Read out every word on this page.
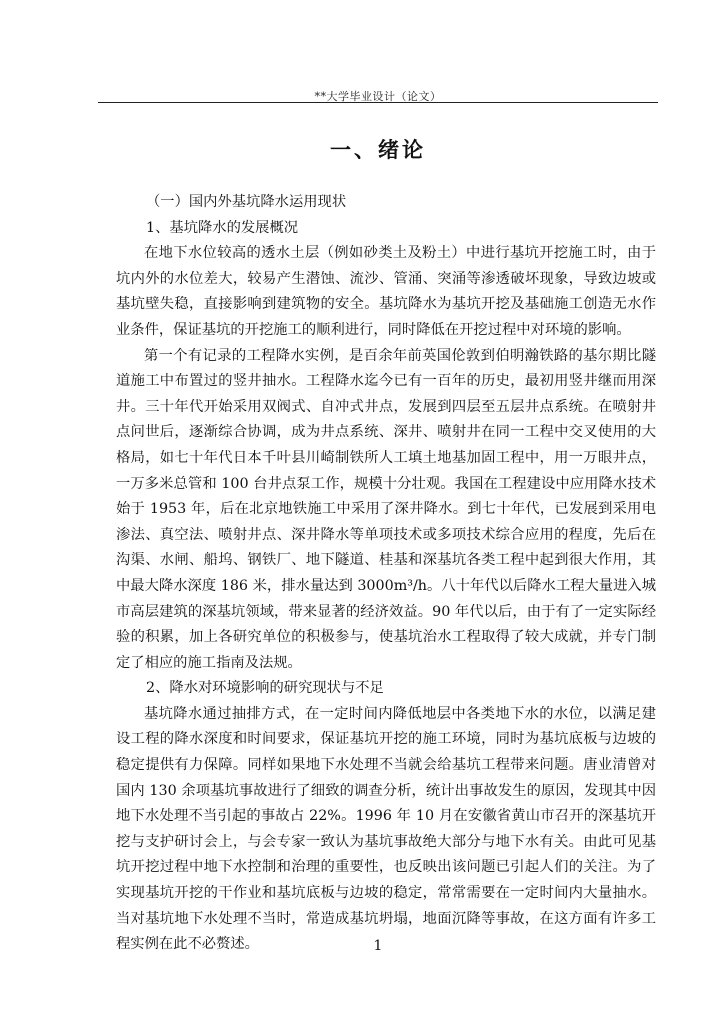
**大学毕业设计（论文）
一、绪论

（一）国内外基坑降水运用现状

1、基坑降水的发展概况

在地下水位较高的透水土层（例如砂类土及粉土）中进行基坑开挖施工时，由于坑内外的水位差大，较易产生潜蚀、流沙、管涌、突涌等渗透破坏现象，导致边坡或基坑壁失稳，直接影响到建筑物的安全。基坑降水为基坑开挖及基础施工创造无水作业条件，保证基坑的开挖施工的顺利进行，同时降低在开挖过程中对环境的影响。

第一个有记录的工程降水实例，是百余年前英国伦敦到伯明瀚铁路的基尔期比隧道施工中布置过的竖井抽水。工程降水迄今已有一百年的历史，最初用竖井继而用深井。三十年代开始采用双阀式、自冲式井点，发展到四层至五层井点系统。在喷射井点问世后，逐渐综合协调，成为井点系统、深井、喷射井在同一工程中交叉使用的大格局，如七十年代日本千叶县川崎制铁所人工填土地基加固工程中，用一万眼井点，一万多米总管和 100 台井点泵工作，规模十分壮观。我国在工程建设中应用降水技术始于 1953 年，后在北京地铁施工中采用了深井降水。到七十年代，已发展到采用电渗法、真空法、喷射井点、深井降水等单项技术或多项技术综合应用的程度，先后在沟渠、水闸、船坞、钢铁厂、地下隧道、桂基和深基坑各类工程中起到很大作用，其中最大降水深度 186 米，排水量达到 3000m³/h。八十年代以后降水工程大量进入城市高层建筑的深基坑领域，带来显著的经济效益。90 年代以后，由于有了一定实际经验的积累，加上各研究单位的积极参与，使基坑治水工程取得了较大成就，并专门制定了相应的施工指南及法规。

2、降水对环境影响的研究现状与不足

基坑降水通过抽排方式，在一定时间内降低地层中各类地下水的水位，以满足建设工程的降水深度和时间要求，保证基坑开挖的施工环境，同时为基坑底板与边坡的稳定提供有力保障。同样如果地下水处理不当就会给基坑工程带来问题。唐业清曾对国内 130 余项基坑事故进行了细致的调查分析，统计出事故发生的原因，发现其中因地下水处理不当引起的事故占 22%。1996 年 10 月在安徽省黄山市召开的深基坑开挖与支护研讨会上，与会专家一致认为基坑事故绝大部分与地下水有关。由此可见基坑开挖过程中地下水控制和治理的重要性，也反映出该问题已引起人们的关注。为了实现基坑开挖的干作业和基坑底板与边坡的稳定，常常需要在一定时间内大量抽水。当对基坑地下水处理不当时，常造成基坑坍塌，地面沉降等事故，在这方面有许多工程实例在此不必赘述。	1
